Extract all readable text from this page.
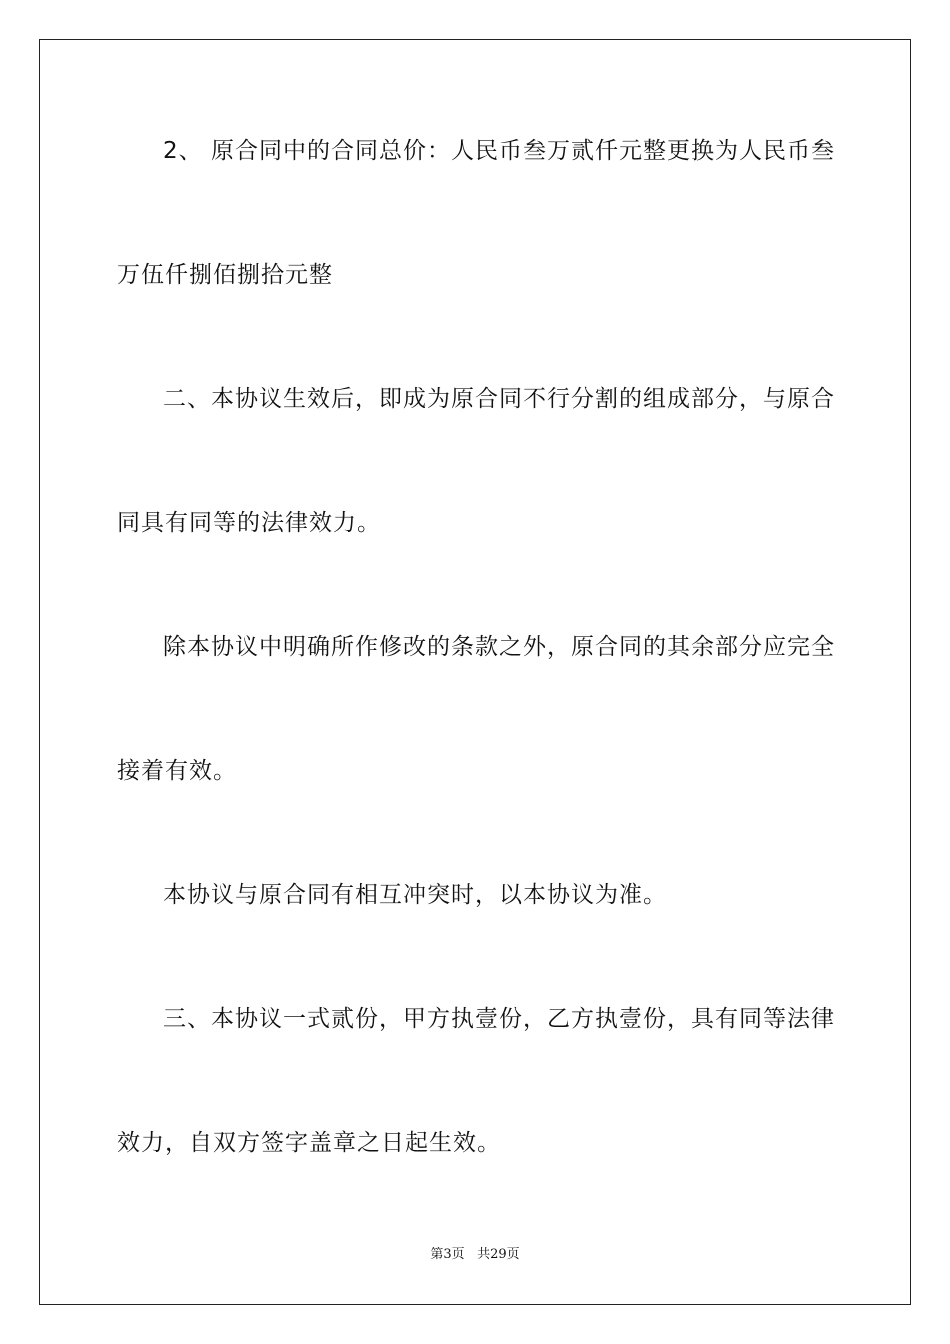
2、 原合同中的合同总价：人民币叁万贰仟元整更换为人民币叁
万伍仟捌佰捌拾元整
二、本协议生效后，即成为原合同不行分割的组成部分，与原合
同具有同等的法律效力。
除本协议中明确所作修改的条款之外，原合同的其余部分应完全
接着有效。
本协议与原合同有相互冲突时，以本协议为准。
三、本协议一式贰份，甲方执壹份，乙方执壹份，具有同等法律
效力，自双方签字盖章之日起生效。
第3页 共29页
